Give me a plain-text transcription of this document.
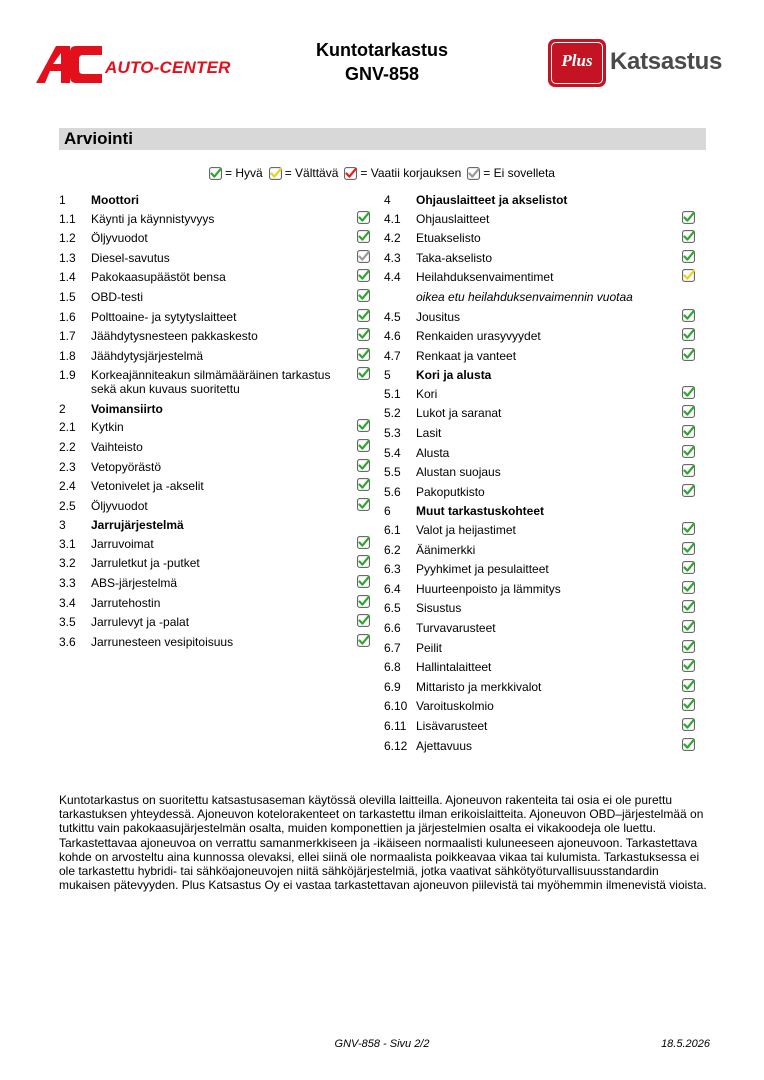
AUTO-CENTER
Kuntotarkastus
GNV-858
Plus Katsastus
Arviointi
= Hyvä = Välttävä = Vaatii korjauksen = Ei sovelleta
1 Moottori
1.1 Käynti ja käynnistyvyys
1.2 Öljyvuodot
1.3 Diesel-savutus
1.4 Pakokaasupäästöt bensa
1.5 OBD-testi
1.6 Polttoaine- ja sytytyslaitteet
1.7 Jäähdytysnesteen pakkaskesto
1.8 Jäähdytysjärjestelmä
1.9 Korkeajänniteakun silmämääräinen tarkastus sekä akun kuvaus suoritettu
2 Voimansiirto
2.1 Kytkin
2.2 Vaihteisto
2.3 Vetopyörästö
2.4 Vetonivelet ja -akselit
2.5 Öljyvuodot
3 Jarrujärjestelmä
3.1 Jarruvoimat
3.2 Jarruletkut ja -putket
3.3 ABS-järjestelmä
3.4 Jarrutehostin
3.5 Jarrulevyt ja -palat
3.6 Jarrunesteen vesipitoisuus
4 Ohjauslaitteet ja akselistot
4.1 Ohjauslaitteet
4.2 Etuakselisto
4.3 Taka-akselisto
4.4 Heilahduksenvaimentimet
oikea etu heilahduksenvaimennin vuotaa
4.5 Jousitus
4.6 Renkaiden urasyvyydet
4.7 Renkaat ja vanteet
5 Kori ja alusta
5.1 Kori
5.2 Lukot ja saranat
5.3 Lasit
5.4 Alusta
5.5 Alustan suojaus
5.6 Pakoputkisto
6 Muut tarkastuskohteet
6.1 Valot ja heijastimet
6.2 Äänimerkki
6.3 Pyyhkimet ja pesulaitteet
6.4 Huurteenpoisto ja lämmitys
6.5 Sisustus
6.6 Turvavarusteet
6.7 Peilit
6.8 Hallintalaitteet
6.9 Mittaristo ja merkkivalot
6.10 Varoituskolmio
6.11 Lisävarusteet
6.12 Ajettavuus
Kuntotarkastus on suoritettu katsastusaseman käytössä olevilla laitteilla. Ajoneuvon rakenteita tai osia ei ole purettu tarkastuksen yhteydessä. Ajoneuvon kotelorakenteet on tarkastettu ilman erikoislaitteita. Ajoneuvon OBD–järjestelmää on tutkittu vain pakokaasujärjestelmän osalta, muiden komponettien ja järjestelmien osalta ei vikakoodeja ole luettu. Tarkastettavaa ajoneuvoa on verrattu samanmerkkiseen ja -ikäiseen normaalisti kuluneeseen ajoneuvoon. Tarkastettava kohde on arvosteltu aina kunnossa olevaksi, ellei siinä ole normaalista poikkeavaa vikaa tai kulumista. Tarkastuksessa ei ole tarkastettu hybridi- tai sähköajoneuvojen niitä sähköjärjestelmiä, jotka vaativat sähkötyöturvallisuusstandardin mukaisen pätevyyden. Plus Katsastus Oy ei vastaa tarkastettavan ajoneuvon piilevistä tai myöhemmin ilmenevistä vioista.
GNV-858 - Sivu 2/2	18.5.2026
